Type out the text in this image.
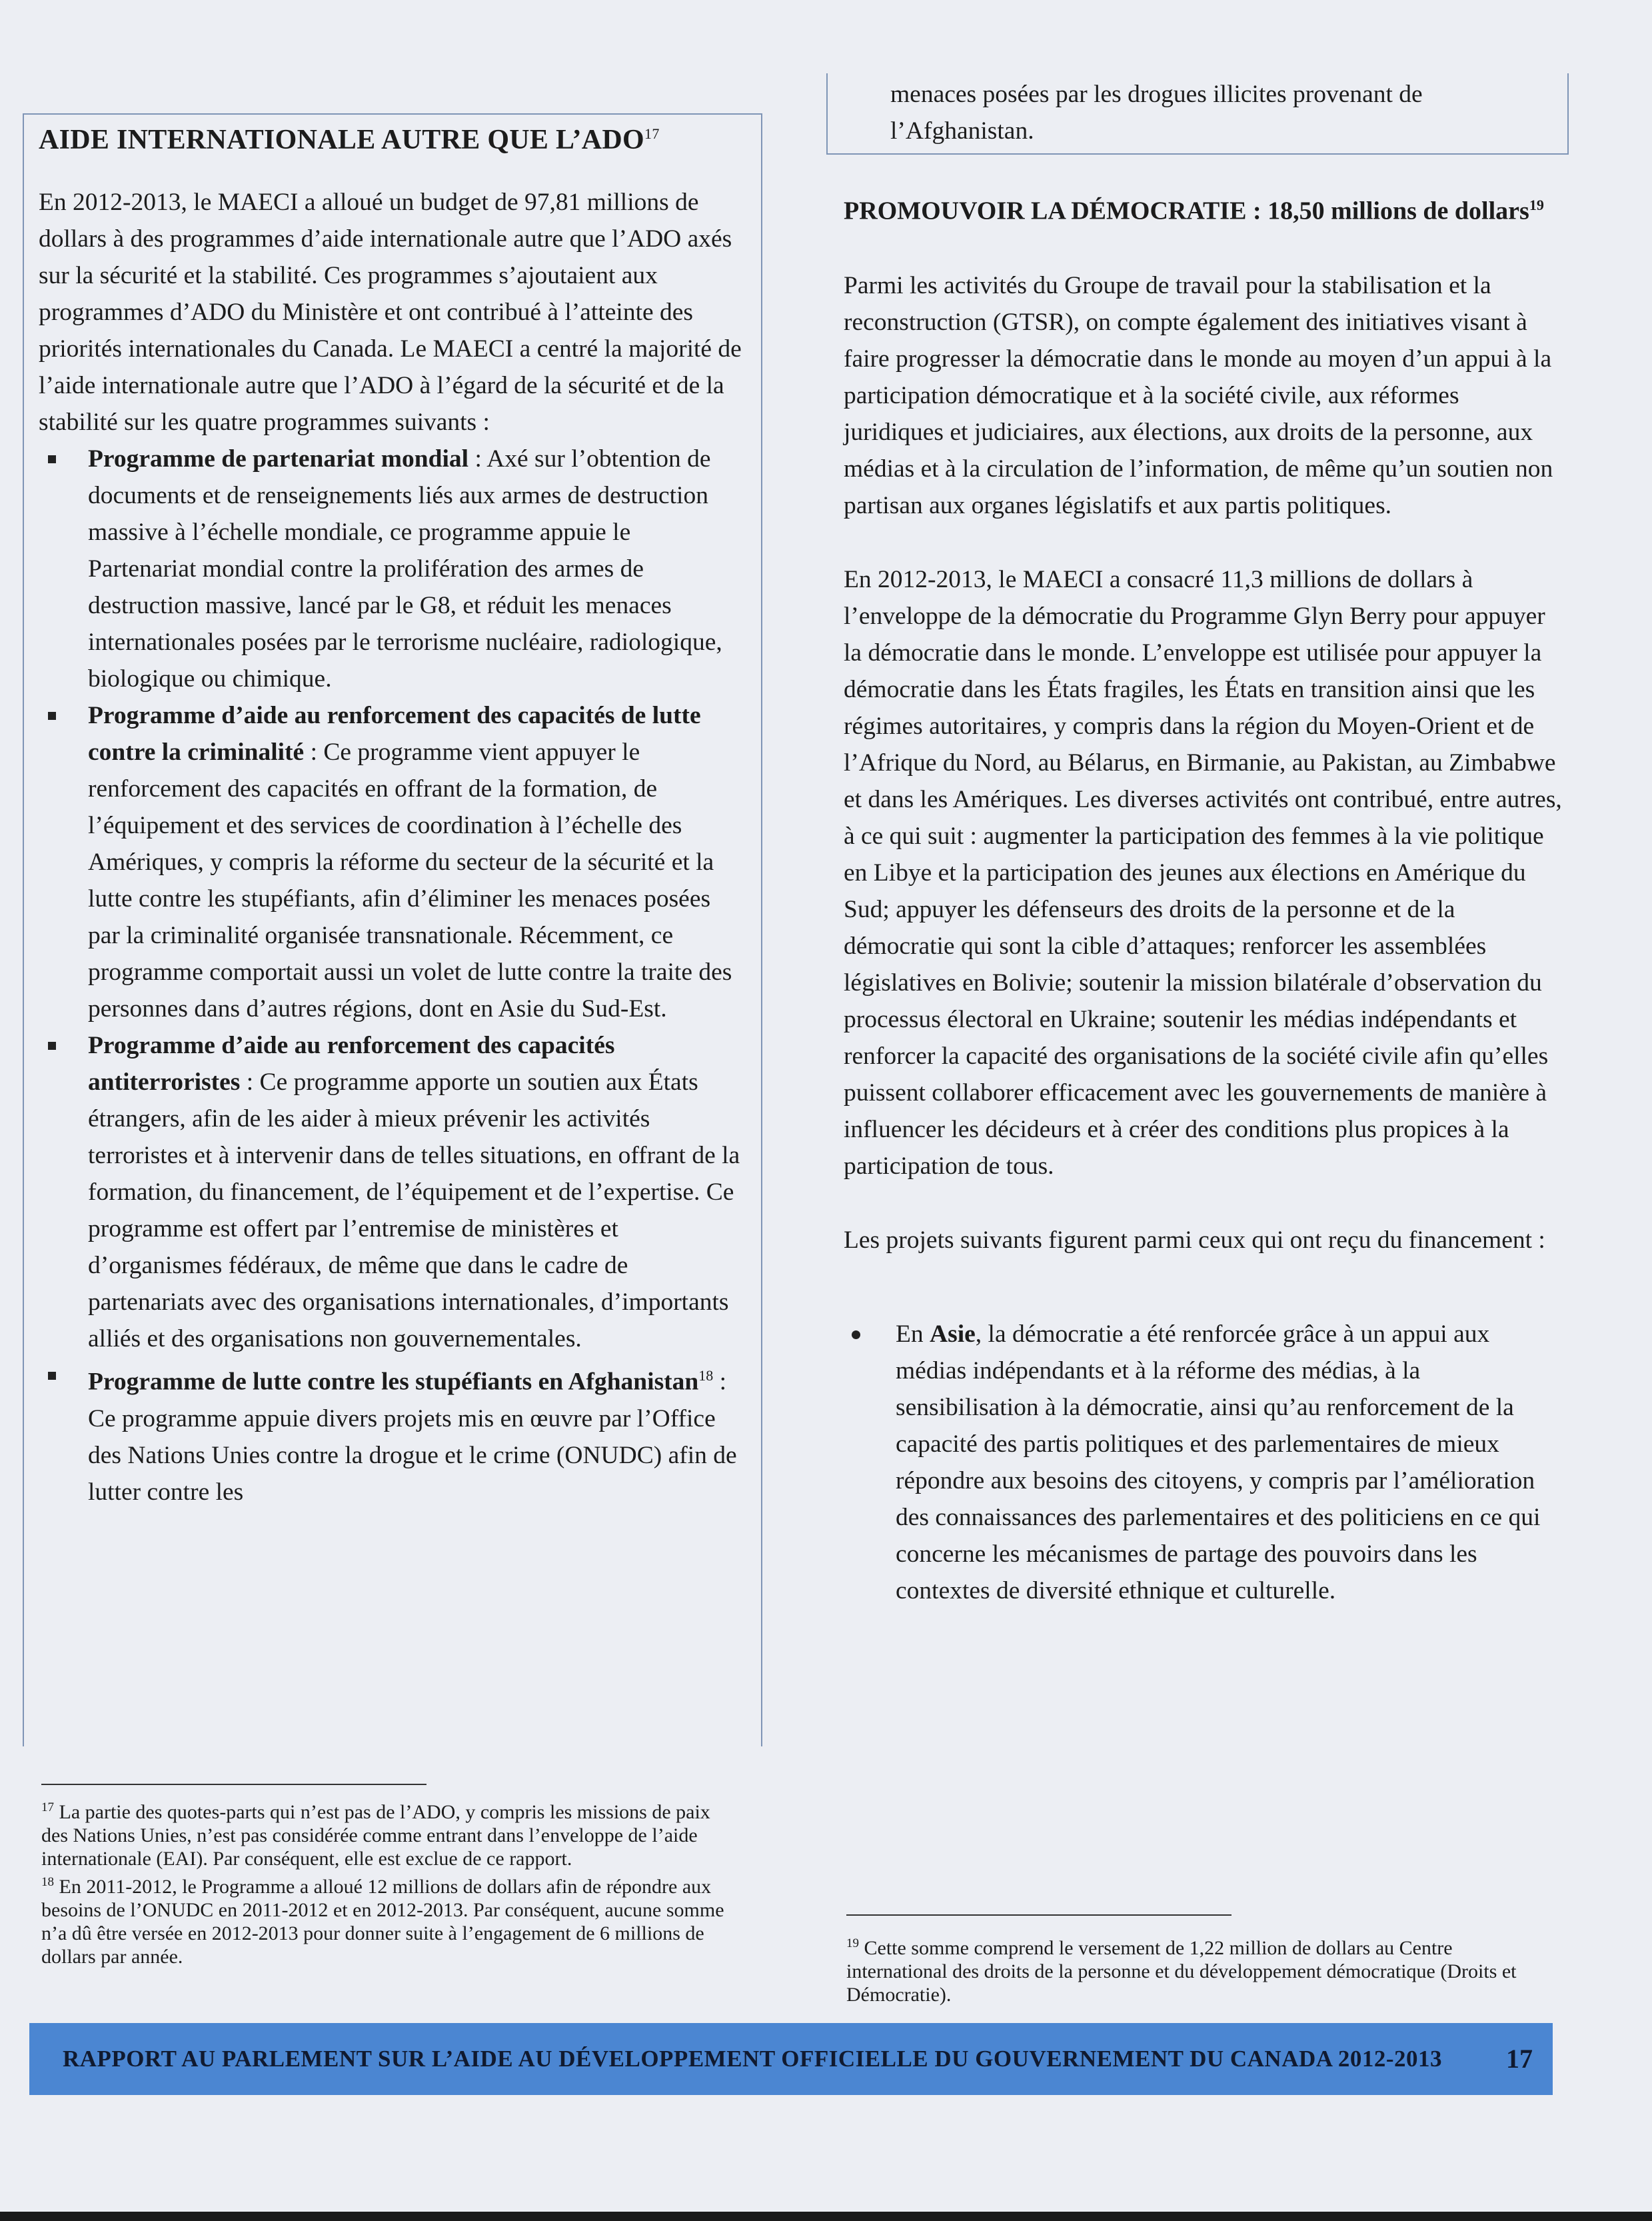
AIDE INTERNATIONALE AUTRE QUE L’ADO$^{17}$

En 2012-2013, le MAECI a alloué un budget de 97,81 millions de dollars à des programmes d’aide internationale autre que l’ADO axés sur la sécurité et la stabilité. Ces programmes s’ajoutaient aux programmes d’ADO du Ministère et ont contribué à l’atteinte des priorités internationales du Canada. Le MAECI a centré la majorité de l’aide internationale autre que l’ADO à l’égard de la sécurité et de la stabilité sur les quatre programmes suivants :

Programme de partenariat mondial : Axé sur l’obtention de documents et de renseignements liés aux armes de destruction massive à l’échelle mondiale, ce programme appuie le Partenariat mondial contre la prolifération des armes de destruction massive, lancé par le G8, et réduit les menaces internationales posées par le terrorisme nucléaire, radiologique, biologique ou chimique.
Programme d’aide au renforcement des capacités de lutte contre la criminalité : Ce programme vient appuyer le renforcement des capacités en offrant de la formation, de l’équipement et des services de coordination à l’échelle des Amériques, y compris la réforme du secteur de la sécurité et la lutte contre les stupéfiants, afin d’éliminer les menaces posées par la criminalité organisée transnationale. Récemment, ce programme comportait aussi un volet de lutte contre la traite des personnes dans d’autres régions, dont en Asie du Sud-Est.
Programme d’aide au renforcement des capacités antiterroristes : Ce programme apporte un soutien aux États étrangers, afin de les aider à mieux prévenir les activités terroristes et à intervenir dans de telles situations, en offrant de la formation, du financement, de l’équipement et de l’expertise. Ce programme est offert par l’entremise de ministères et d’organismes fédéraux, de même que dans le cadre de partenariats avec des organisations internationales, d’importants alliés et des organisations non gouvernementales.
Programme de lutte contre les stupéfiants en Afghanistan$^{18}$ : Ce programme appuie divers projets mis en œuvre par l’Office des Nations Unies contre la drogue et le crime (ONUDC) afin de lutter contre les

menaces posées par les drogues illicites provenant de l’Afghanistan.

PROMOUVOIR LA DÉMOCRATIE : 18,50 millions de dollars$^{19}$

Parmi les activités du Groupe de travail pour la stabilisation et la reconstruction (GTSR), on compte également des initiatives visant à faire progresser la démocratie dans le monde au moyen d’un appui à la participation démocratique et à la société civile, aux réformes juridiques et judiciaires, aux élections, aux droits de la personne, aux médias et à la circulation de l’information, de même qu’un soutien non partisan aux organes législatifs et aux partis politiques.

En 2012-2013, le MAECI a consacré 11,3 millions de dollars à l’enveloppe de la démocratie du Programme Glyn Berry pour appuyer la démocratie dans le monde. L’enveloppe est utilisée pour appuyer la démocratie dans les États fragiles, les États en transition ainsi que les régimes autoritaires, y compris dans la région du Moyen-Orient et de l’Afrique du Nord, au Bélarus, en Birmanie, au Pakistan, au Zimbabwe et dans les Amériques. Les diverses activités ont contribué, entre autres, à ce qui suit : augmenter la participation des femmes à la vie politique en Libye et la participation des jeunes aux élections en Amérique du Sud; appuyer les défenseurs des droits de la personne et de la démocratie qui sont la cible d’attaques; renforcer les assemblées législatives en Bolivie; soutenir la mission bilatérale d’observation du processus électoral en Ukraine; soutenir les médias indépendants et renforcer la capacité des organisations de la société civile afin qu’elles puissent collaborer efficacement avec les gouvernements de manière à influencer les décideurs et à créer des conditions plus propices à la participation de tous.

Les projets suivants figurent parmi ceux qui ont reçu du financement :

En Asie, la démocratie a été renforcée grâce à un appui aux médias indépendants et à la réforme des médias, à la sensibilisation à la démocratie, ainsi qu’au renforcement de la capacité des partis politiques et des parlementaires de mieux répondre aux besoins des citoyens, y compris par l’amélioration des connaissances des parlementaires et des politiciens en ce qui concerne les mécanismes de partage des pouvoirs dans les contextes de diversité ethnique et culturelle.

$^{17}$ La partie des quotes-parts qui n’est pas de l’ADO, y compris les missions de paix des Nations Unies, n’est pas considérée comme entrant dans l’enveloppe de l’aide internationale (EAI). Par conséquent, elle est exclue de ce rapport.

$^{18}$ En 2011-2012, le Programme a alloué 12 millions de dollars afin de répondre aux besoins de l’ONUDC en 2011-2012 et en 2012-2013. Par conséquent, aucune somme n’a dû être versée en 2012-2013 pour donner suite à l’engagement de 6 millions de dollars par année.

$^{19}$ Cette somme comprend le versement de 1,22 million de dollars au Centre international des droits de la personne et du développement démocratique (Droits et Démocratie).

RAPPORT AU PARLEMENT SUR L’AIDE AU DÉVELOPPEMENT OFFICIELLE DU GOUVERNEMENT DU CANADA 2012-2013 17
